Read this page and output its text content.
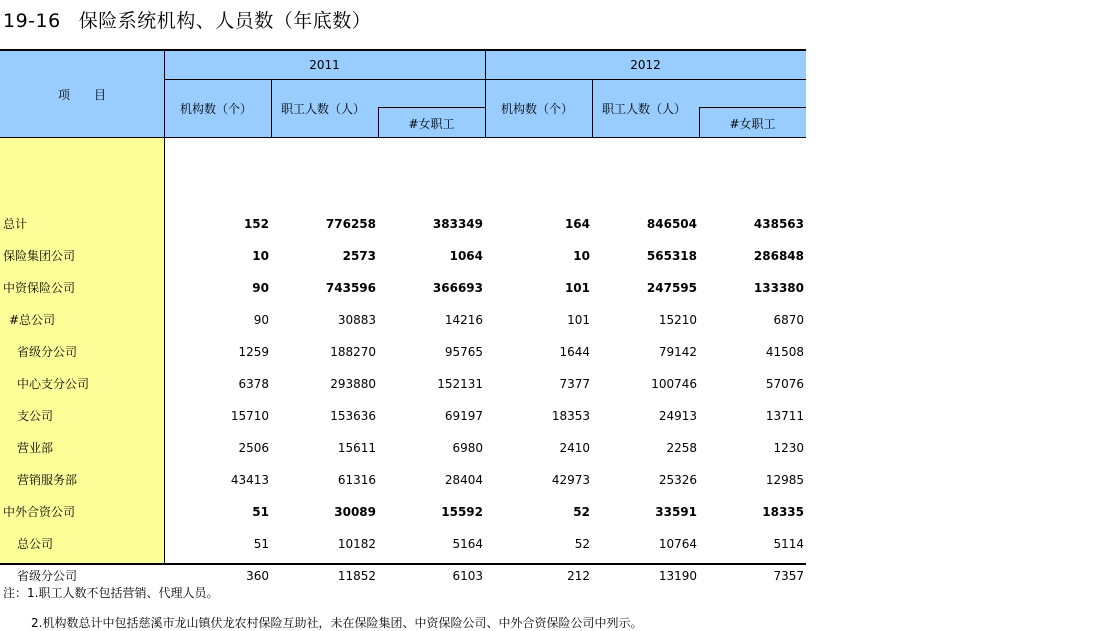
19-16 保险系统机构、人员数（年底数）
项　　目
2011	2012
机构数（个） 职工人数（人）
#女职工
机构数（个） 职工人数（人）
#女职工
总计	152	776258	383349	164	846504	438563
保险集团公司	10	2573	1064	10	565318	286848
中资保险公司	90	743596	366693	101	247595	133380
#总公司	90	30883	14216	101	15210	6870
省级分公司	1259	188270	95765	1644	79142	41508
中心支分公司	6378	293880	152131	7377	100746	57076
支公司	15710	153636	69197	18353	24913	13711
营业部	2506	15611	6980	2410	2258	1230
营销服务部	43413	61316	28404	42973	25326	12985
中外合资公司	51	30089	15592	52	33591	18335
总公司	51	10182	5164	52	10764	5114
省级分公司	360	11852	6103	212	13190	7357
注：1.职工人数不包括营销、代理人员。
2.机构数总计中包括慈溪市龙山镇伏龙农村保险互助社，未在保险集团、中资保险公司、中外合资保险公司中列示。
